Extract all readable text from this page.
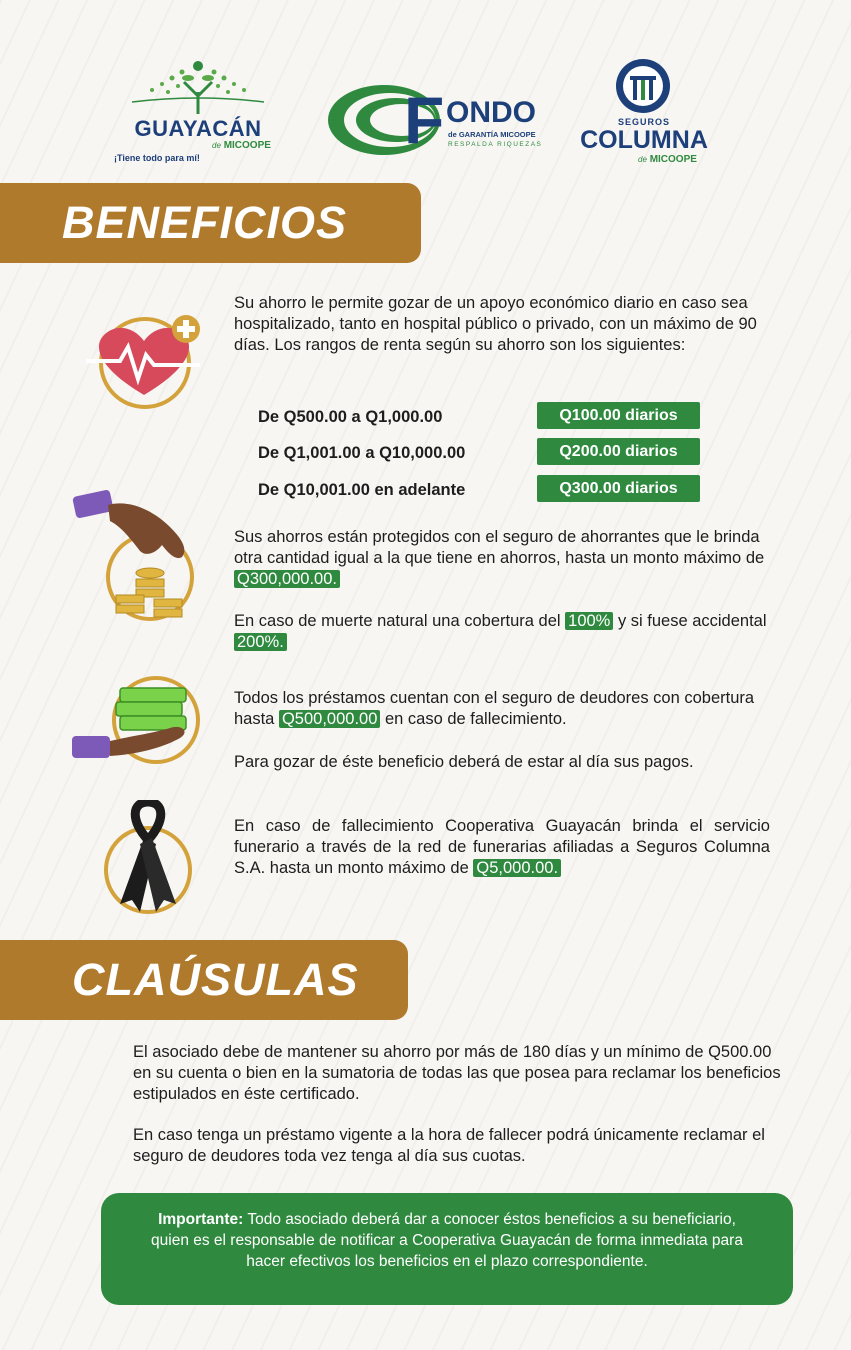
GUAYACÁN
de MICOOPE
¡Tiene todo para mí!
F ONDO
de GARANTÍA MICOOPE
RESPALDA RIQUEZAS
SEGUROS
COLUMNA
de MICOOPE
BENEFICIOS

Su ahorro le permite gozar de un apoyo económico diario en caso sea hospitalizado, tanto en hospital público o privado, con un máximo de 90 días. Los rangos de renta según su ahorro son los siguientes:

De Q500.00 a Q1,000.00	Q100.00 diarios
De Q1,001.00 a Q10,000.00	Q200.00 diarios
De Q10,001.00 en adelante	Q300.00 diarios

Sus ahorros están protegidos con el seguro de ahorrantes que le brinda otra cantidad igual a la que tiene en ahorros, hasta un monto máximo de Q300,000.00.

En caso de muerte natural una cobertura del 100% y si fuese accidental 200%.

Todos los préstamos cuentan con el seguro de deudores con cobertura hasta Q500,000.00 en caso de fallecimiento.

Para gozar de éste beneficio deberá de estar al día sus pagos.

En caso de fallecimiento Cooperativa Guayacán brinda el servicio funerario a través de la red de funerarias afiliadas a Seguros Columna S.A. hasta un monto máximo de Q5,000.00.

CLAÚSULAS

El asociado debe de mantener su ahorro por más de 180 días y un mínimo de Q500.00 en su cuenta o bien en la sumatoria de todas las que posea para reclamar los beneficios estipulados en éste certificado.

En caso tenga un préstamo vigente a la hora de fallecer podrá únicamente reclamar el seguro de deudores toda vez tenga al día sus cuotas.

Importante: Todo asociado deberá dar a conocer éstos beneficios a su beneficiario, quien es el responsable de notificar a Cooperativa Guayacán de forma inmediata para hacer efectivos los beneficios en el plazo correspondiente.
